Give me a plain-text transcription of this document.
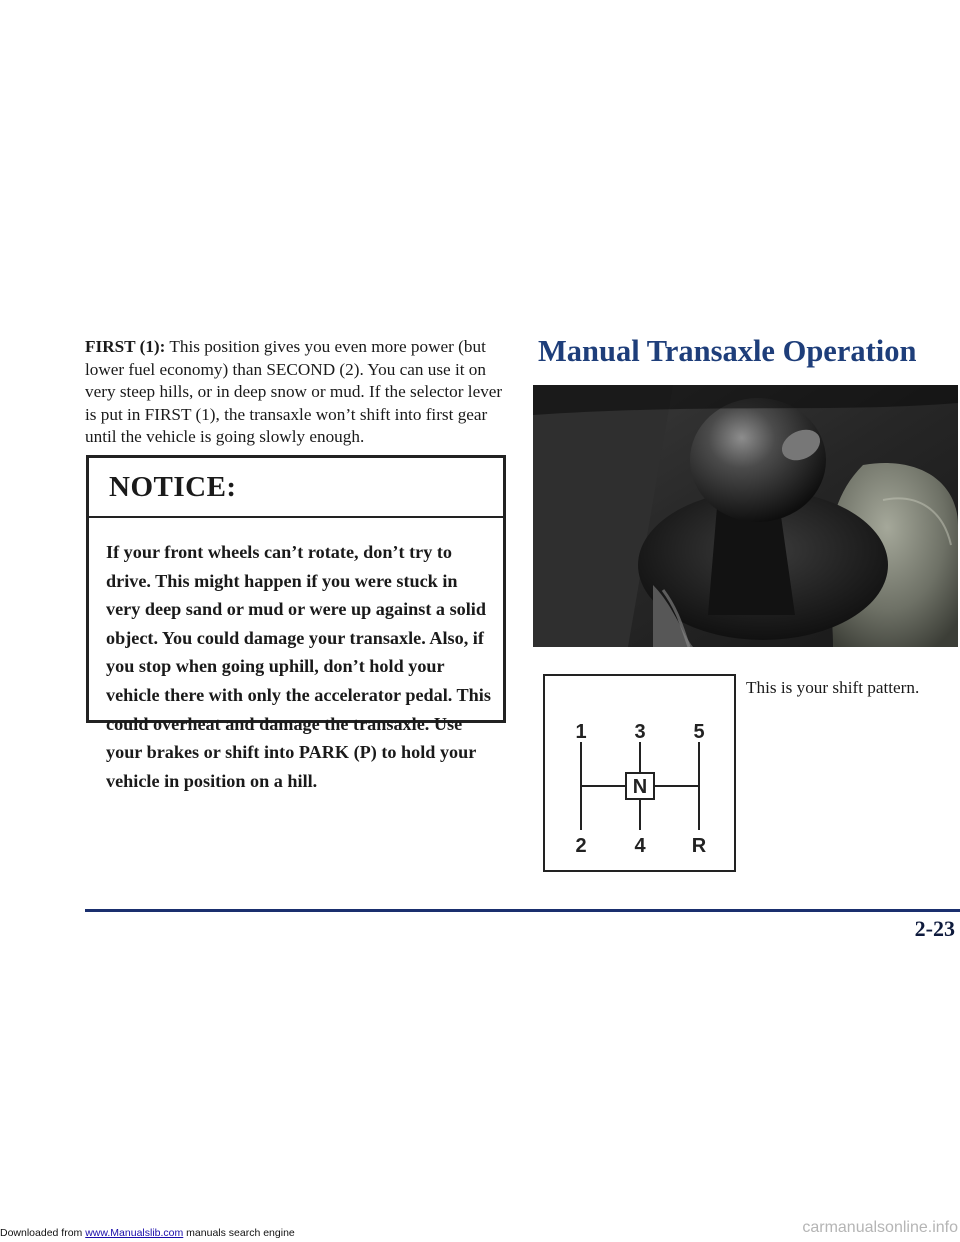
FIRST (1): This position gives you even more power (but lower fuel economy) than SECOND (2). You can use it on very steep hills, or in deep snow or mud. If the selector lever is put in FIRST (1), the transaxle won’t shift into first gear until the vehicle is going slowly enough.

NOTICE:
If your front wheels can’t rotate, don’t try to drive. This might happen if you were stuck in very deep sand or mud or were up against a solid object. You could damage your transaxle. Also, if you stop when going uphill, don’t hold your vehicle there with only the accelerator pedal. This could overheat and damage the transaxle. Use your brakes or shift into PARK (P) to hold your vehicle in position on a hill.
Manual Transaxle Operation
1 3 5
N
2 4 R
This is your shift pattern.
2-23
Downloaded from www.Manualslib.com manuals search engine	carmanualsonline.info
